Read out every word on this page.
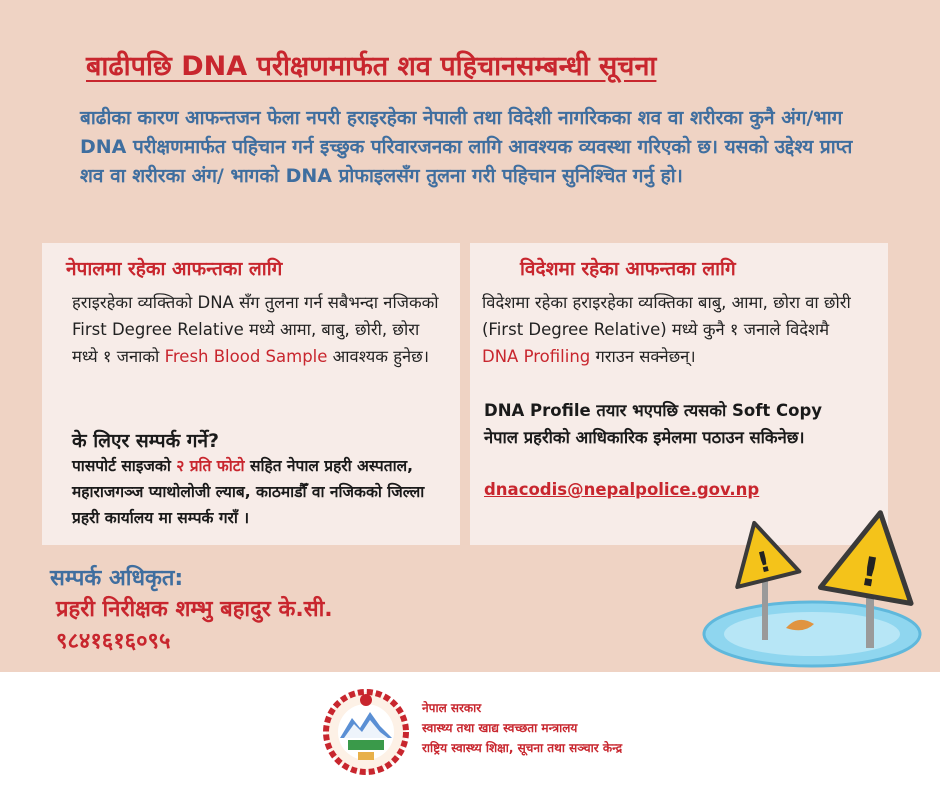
बाढीपछि DNA परीक्षणमार्फत शव पहिचानसम्बन्धी सूचना
बाढीका कारण आफन्तजन फेला नपरी हराइरहेका नेपाली तथा विदेशी नागरिकका शव वा शरीरका कुनै अंग/भाग DNA परीक्षणमार्फत पहिचान गर्न इच्छुक परिवारजनका लागि आवश्यक व्यवस्था गरिएको छ। यसको उद्देश्य प्राप्त शव वा शरीरका अंग/ भागको DNA प्रोफाइलसँग तुलना गरी पहिचान सुनिश्चित गर्नु हो।
नेपालमा रहेका आफन्तका लागि
हराइरहेका व्यक्तिको DNA सँग तुलना गर्न सबैभन्दा नजिकको First Degree Relative मध्ये आमा, बाबु, छोरी, छोरा मध्ये १ जनाको Fresh Blood Sample आवश्यक हुनेछ।
के लिएर सम्पर्क गर्ने?
पासपोर्ट साइजको २ प्रति फोटो सहित नेपाल प्रहरी अस्पताल, महाराजगञ्ज प्याथोलोजी ल्याब, काठमाडौँ वा नजिकको जिल्ला प्रहरी कार्यालय मा सम्पर्क गराँ ।
विदेशमा रहेका आफन्तका लागि
विदेशमा रहेका हराइरहेका व्यक्तिका बाबु, आमा, छोरा वा छोरी (First Degree Relative) मध्ये कुनै १ जनाले विदेशमै DNA Profiling गराउन सक्नेछन्।
DNA Profile तयार भएपछि त्यसको Soft Copy नेपाल प्रहरीको आधिकारिक इमेलमा पठाउन सकिनेछ।
dnacodis@nepalpolice.gov.np
सम्पर्क अधिकृत:
प्रहरी निरीक्षक शम्भु बहादुर के.सी.
९८४१६१६०९५
! !
नेपाल सरकार
स्वास्थ्य तथा खाद्य स्वच्छता मन्त्रालय
राष्ट्रिय स्वास्थ्य शिक्षा, सूचना तथा सञ्चार केन्द्र
